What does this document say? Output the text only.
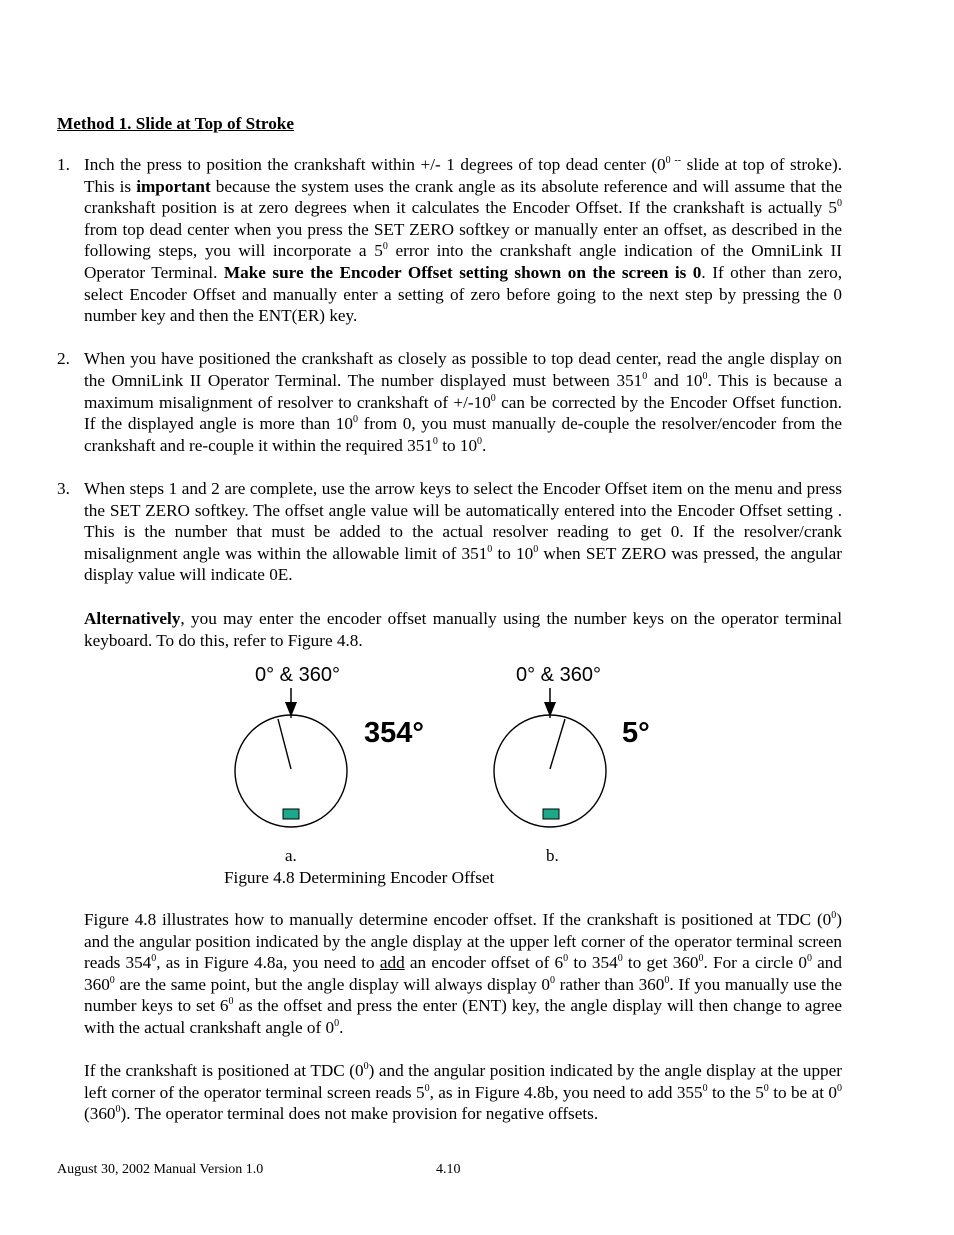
Method 1. Slide at Top of Stroke
1. Inch the press to position the crankshaft within +/- 1 degrees of top dead center ($0^{0 --}$ slide at top of stroke). This is important because the system uses the crank angle as its absolute reference and will assume that the crankshaft position is at zero degrees when it calculates the Encoder Offset. If the crankshaft is actually $5^0$ from top dead center when you press the SET ZERO softkey or manually enter an offset, as described in the following steps, you will incorporate a $5^0$ error into the crankshaft angle indication of the OmniLink II Operator Terminal. Make sure the Encoder Offset setting shown on the screen is 0. If other than zero, select Encoder Offset and manually enter a setting of zero before going to the next step by pressing the 0 number key and then the ENT(ER) key.
2. When you have positioned the crankshaft as closely as possible to top dead center, read the angle display on the OmniLink II Operator Terminal. The number displayed must between $351^0$ and $10^0$. This is because a maximum misalignment of resolver to crankshaft of $+/-10^0$ can be corrected by the Encoder Offset function. If the displayed angle is more than $10^0$ from 0, you must manually de-couple the resolver/encoder from the crankshaft and re-couple it within the required $351^0$ to $10^0$.
3. When steps 1 and 2 are complete, use the arrow keys to select the Encoder Offset item on the menu and press the SET ZERO softkey. The offset angle value will be automatically entered into the Encoder Offset setting . This is the number that must be added to the actual resolver reading to get 0. If the resolver/crank misalignment angle was within the allowable limit of $351^0$ to $10^0$ when SET ZERO was pressed, the angular display value will indicate 0E.
Alternatively, you may enter the encoder offset manually using the number keys on the operator terminal keyboard. To do this, refer to Figure 4.8.
0° & 360°
354°
a.
0° & 360°
5°
b.
Figure 4.8 Determining Encoder Offset
Figure 4.8 illustrates how to manually determine encoder offset. If the crankshaft is positioned at TDC $(0^0)$ and the angular position indicated by the angle display at the upper left corner of the operator terminal screen reads $354^0$, as in Figure 4.8a, you need to add an encoder offset of $6^0$ to $354^0$ to get $360^0$. For a circle $0^0$ and $360^0$ are the same point, but the angle display will always display $0^0$ rather than $360^0$. If you manually use the number keys to set $6^0$ as the offset and press the enter (ENT) key, the angle display will then change to agree with the actual crankshaft angle of $0^0$.
If the crankshaft is positioned at TDC $(0^0)$ and the angular position indicated by the angle display at the upper left corner of the operator terminal screen reads $5^0$, as in Figure 4.8b, you need to add $355^0$ to the $5^0$ to be at $0^0$ $(360^0)$. The operator terminal does not make provision for negative offsets.
August 30, 2002 Manual Version 1.0	4.10
